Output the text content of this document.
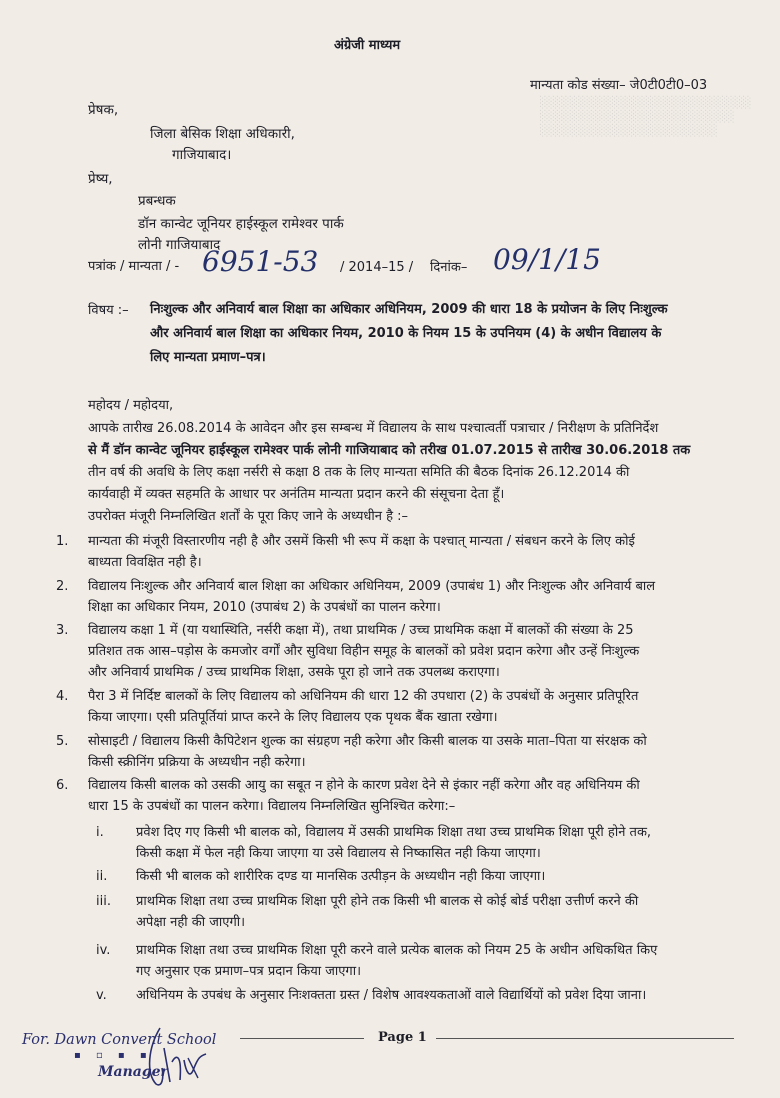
░░░░░░░░░░░░░░░░░░░░░░░░░
░░░░░░░░░░░░░░░░░░░░░░░
░░░░░░░░░░░░░░░░░░░░░
अंग्रेजी माध्यम
मान्यता कोड संख्या– जे0टी0टी0–03
प्रेषक,
जिला बेसिक शिक्षा अधिकारी,
गाजियाबाद।
प्रेष्य,
प्रबन्धक
डॉन कान्वेट जूनियर हाईस्कूल रामेश्वर पार्क
लोनी गाजियाबाद
पत्रांक / मान्यता / - 6951-53 / 2014–15 / दिनांक– 09/1/15
विषय :– निःशुल्क और अनिवार्य बाल शिक्षा का अधिकार अधिनियम, 2009 की धारा 18 के प्रयोजन के लिए निःशुल्क
और अनिवार्य बाल शिक्षा का अधिकार नियम, 2010 के नियम 15 के उपनियम (4) के अधीन विद्यालय के
लिए मान्यता प्रमाण–पत्र।
महोदय / महोदया,
आपके तारीख 26.08.2014 के आवेदन और इस सम्बन्ध में विद्यालय के साथ पश्चात्वर्ती पत्राचार / निरीक्षण के प्रतिनिर्देश
से मैं डॉन कान्वेट जूनियर हाईस्कूल रामेश्वर पार्क लोनी गाजियाबाद को तरीख 01.07.2015 से तारीख 30.06.2018 तक
तीन वर्ष की अवधि के लिए कक्षा नर्सरी से कक्षा 8 तक के लिए मान्यता समिति की बैठक दिनांक 26.12.2014 की
कार्यवाही में व्यक्त सहमति के आधार पर अनंतिम मान्यता प्रदान करने की संसूचना देता हूँ।
उपरोक्त मंजूरी निम्नलिखित शर्तों के पूरा किए जाने के अध्यधीन है :–
1.	मान्यता की मंजूरी विस्तारणीय नही है और उसमें किसी भी रूप में कक्षा के पश्चात् मान्यता / संबधन करने के लिए कोई
बाध्यता विवक्षित नही है।
2.	विद्यालय निःशुल्क और अनिवार्य बाल शिक्षा का अधिकार अधिनियम, 2009 (उपाबंध 1) और निःशुल्क और अनिवार्य बाल
शिक्षा का अधिकार नियम, 2010 (उपाबंध 2) के उपबंधों का पालन करेगा।
3.	विद्यालय कक्षा 1 में (या यथास्थिति, नर्सरी कक्षा में), तथा प्राथमिक / उच्च प्राथमिक कक्षा में बालकों की संख्या के 25
प्रतिशत तक आस–पड़ोस के कमजोर वर्गों और सुविधा विहीन समूह के बालकों को प्रवेश प्रदान करेगा और उन्हें निःशुल्क
और अनिवार्य प्राथमिक / उच्च प्राथमिक शिक्षा, उसके पूरा हो जाने तक उपलब्ध कराएगा।
4.	पैरा 3 में निर्दिष्ट बालकों के लिए विद्यालय को अधिनियम की धारा 12 की उपधारा (2) के उपबंधों के अनुसार प्रतिपूरित
किया जाएगा। एसी प्रतिपूर्तियां प्राप्त करने के लिए विद्यालय एक पृथक बैंक खाता रखेगा।
5.	सोसाइटी / विद्यालय किसी कैपिटेशन शुल्क का संग्रहण नही करेगा और किसी बालक या उसके माता–पिता या संरक्षक को
किसी स्क्रीनिंग प्रक्रिया के अध्यधीन नही करेगा।
6.	विद्यालय किसी बालक को उसकी आयु का सबूत न होने के कारण प्रवेश देने से इंकार नहीं करेगा और वह अधिनियम की
धारा 15 के उपबंधों का पालन करेगा। विद्यालय निम्नलिखित सुनिश्चित करेगा:–
i.	प्रवेश दिए गए किसी भी बालक को, विद्यालय में उसकी प्राथमिक शिक्षा तथा उच्च प्राथमिक शिक्षा पूरी होने तक,
किसी कक्षा में फेल नही किया जाएगा या उसे विद्यालय से निष्कासित नही किया जाएगा।
ii.	किसी भी बालक को शारीरिक दण्ड या मानसिक उत्पीड़न के अध्यधीन नही किया जाएगा।
iii.	प्राथमिक शिक्षा तथा उच्च प्राथमिक शिक्षा पूरी होने तक किसी भी बालक से कोई बोर्ड परीक्षा उत्तीर्ण करने की
अपेक्षा नही की जाएगी।
iv.	प्राथमिक शिक्षा तथा उच्च प्राथमिक शिक्षा पूरी करने वाले प्रत्येक बालक को नियम 25 के अधीन अधिकथित किए
गए अनुसार एक प्रमाण–पत्र प्रदान किया जाएगा।
v.	अधिनियम के उपबंध के अनुसार निःशक्तता ग्रस्त / विशेष आवश्यकताओं वाले विद्यार्थियों को प्रवेश दिया जाना।
Page 1
For. Dawn Convent School
Manager
▪ ▫ ▪ ▪
